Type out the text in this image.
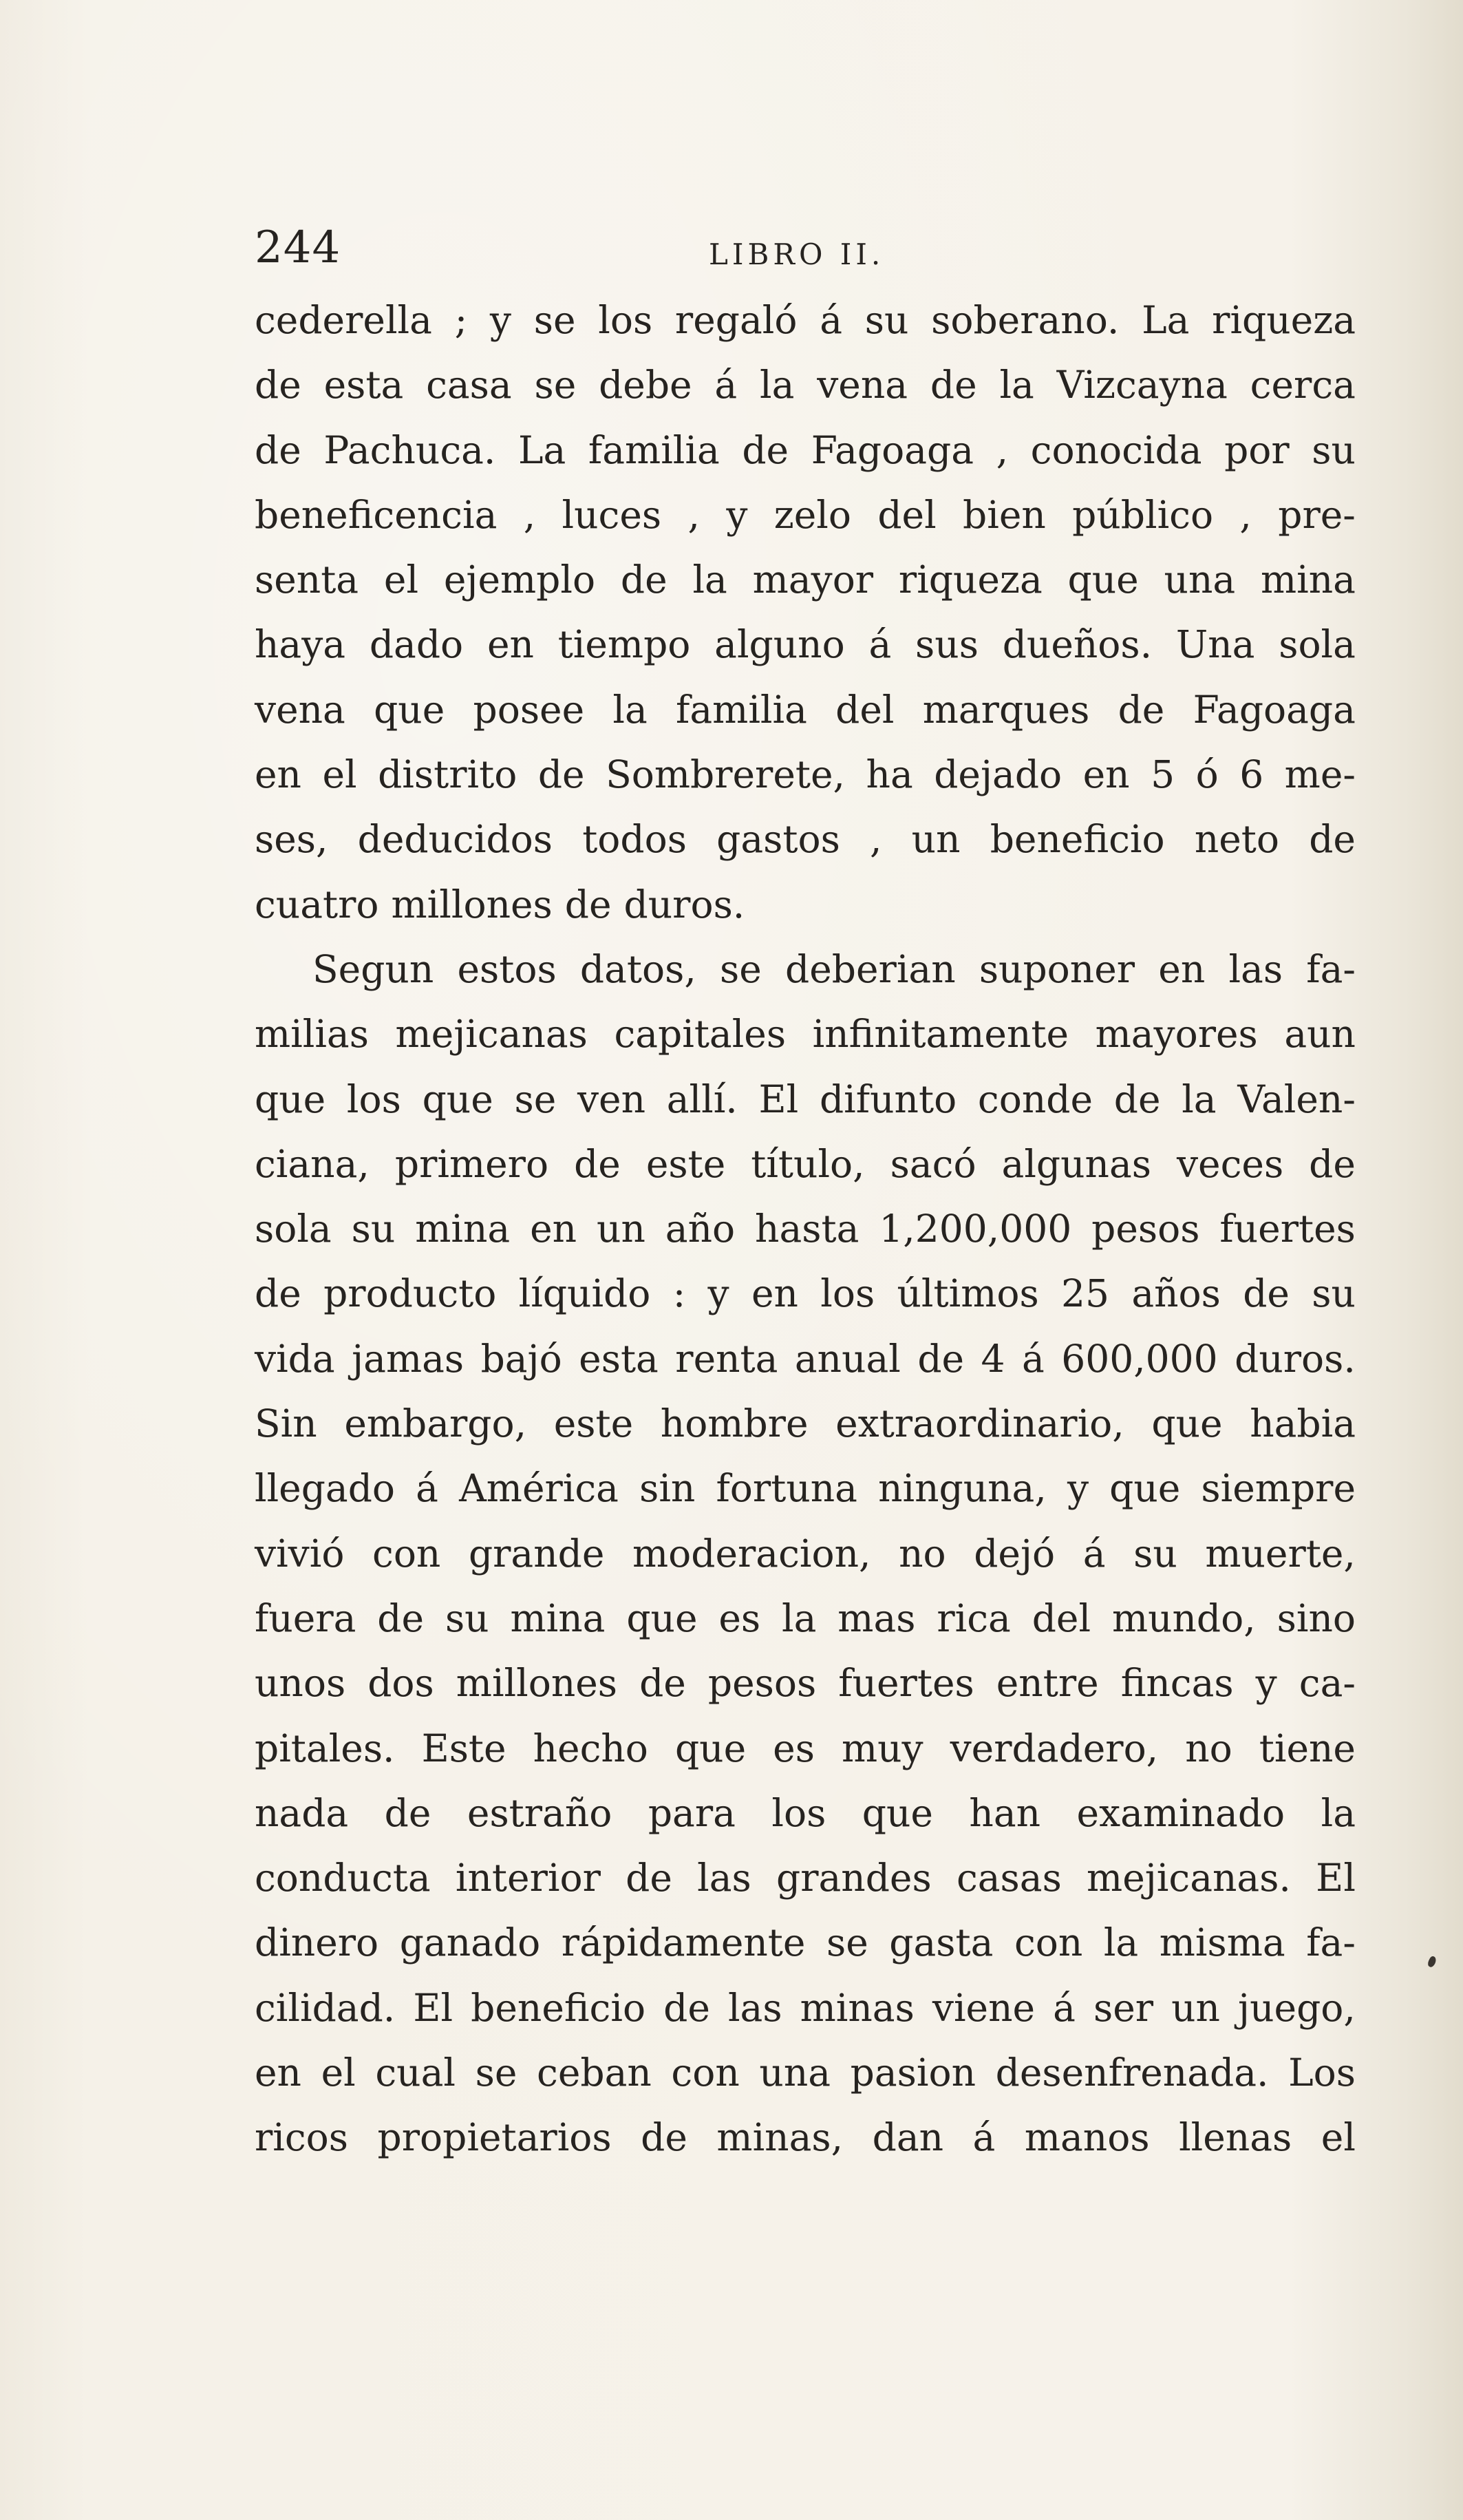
244	LIBRO II.
cederella ; y se los regaló á su soberano. La riqueza
de esta casa se debe á la vena de la Vizcayna cerca
de Pachuca. La familia de Fagoaga , conocida por su
beneficencia , luces , y zelo del bien público , pre-
senta el ejemplo de la mayor riqueza que una mina
haya dado en tiempo alguno á sus dueños. Una sola
vena que posee la familia del marques de Fagoaga
en el distrito de Sombrerete, ha dejado en 5 ó 6 me-
ses, deducidos todos gastos , un beneficio neto de
cuatro millones de duros.
Segun estos datos, se deberian suponer en las fa-
milias mejicanas capitales infinitamente mayores aun
que los que se ven allí. El difunto conde de la Valen-
ciana, primero de este título, sacó algunas veces de
sola su mina en un año hasta 1,200,000 pesos fuertes
de producto líquido : y en los últimos 25 años de su
vida jamas bajó esta renta anual de 4 á 600,000 duros.
Sin embargo, este hombre extraordinario, que habia
llegado á América sin fortuna ninguna, y que siempre
vivió con grande moderacion, no dejó á su muerte,
fuera de su mina que es la mas rica del mundo, sino
unos dos millones de pesos fuertes entre fincas y ca-
pitales. Este hecho que es muy verdadero, no tiene
nada de estraño para los que han examinado la
conducta interior de las grandes casas mejicanas. El
dinero ganado rápidamente se gasta con la misma fa-
cilidad. El beneficio de las minas viene á ser un juego,
en el cual se ceban con una pasion desenfrenada. Los
ricos propietarios de minas, dan á manos llenas el
